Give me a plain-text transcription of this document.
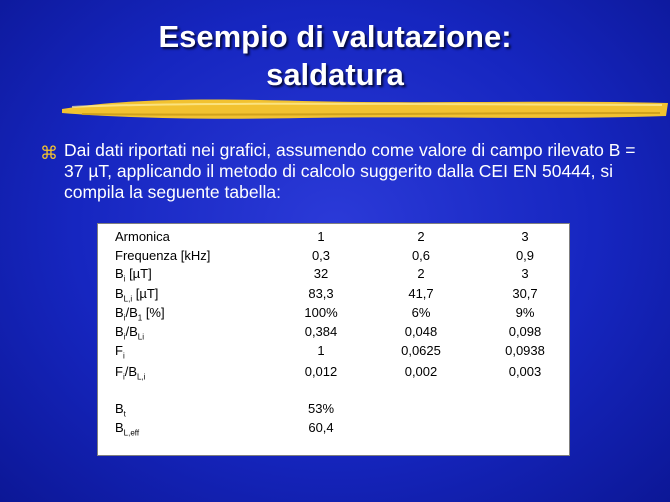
Esempio di valutazione:
saldatura
⌘ Dai dati riportati nei grafici, assumendo come valore di campo rilevato B = 37 µT, applicando il metodo di calcolo suggerito dalla CEI EN 50444, si compila la seguente tabella:
Armonica	1	2	3
Frequenza [kHz]	0,3	0,6	0,9
$B_i$ [µT]	32	2	3
$B_{L,i}$ [µT]	83,3	41,7	30,7
$B_i/B_1$ [%]	100%	6%	9%
$B_i/B_{Li}$	0,384	0,048	0,098
$F_i$	1	0,0625	0,0938
$F_i/B_{L,i}$	0,012	0,002	0,003
$B_t$	53%
$B_{L,eff}$	60,4
